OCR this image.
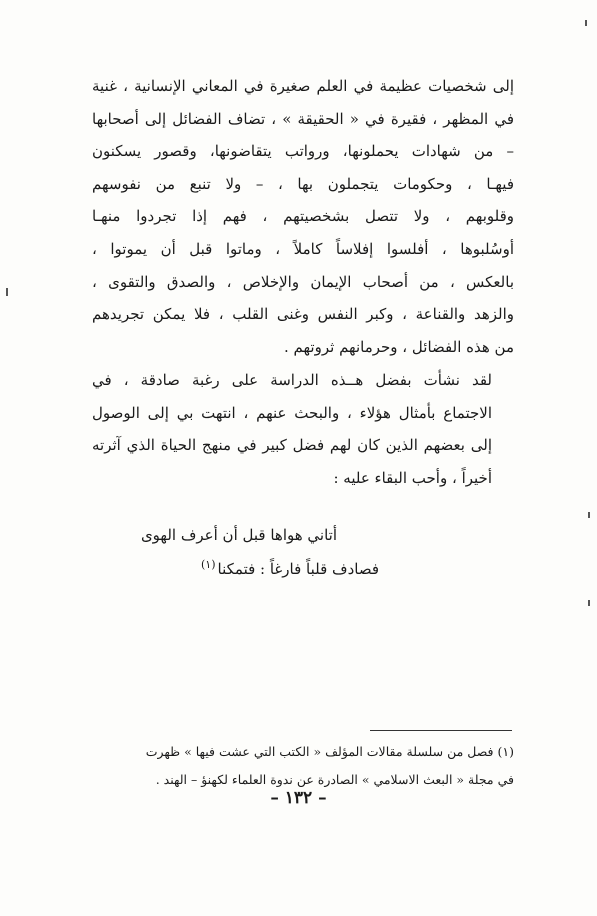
إلى شخصيات عظيمة في العلم صغيرة في المعاني الإنسانية ، غنية
في المظهر ، فقيرة في « الحقيقة » ، تضاف الفضائل إلى أصحابها
– من شهادات يحملونها، ورواتب يتقاضونها، وقصور يسكنون
فيهـا ، وحكومات يتجملون بها ، – ولا تنبع من نفوسهم
وقلوبهم ، ولا تتصل بشخصيتهم ، فهم إذا تجردوا منهـا
أوسُلبوها ، أفلسوا إفلاساً كاملاً ، وماتوا قبل أن يموتوا ،
بالعكس ، من أصحاب الإيمان والإخلاص ، والصدق والتقوى ،
والزهد والقناعة ، وكبر النفس وغنى القلب ، فلا يمكن تجريدهم
من هذه الفضائل ، وحرمانهم ثروتهم .
لقد نشأت بفضل هــذه الدراسة على رغبة صادقة ، في
الاجتماع بأمثال هؤلاء ، والبحث عنهم ، انتهت بي إلى الوصول
إلى بعضهم الذين كان لهم فضل كبير في منهج الحياة الذي آثرته
أخيراً ، وأحب البقاء عليه :

أتاني هواها قبل أن أعرف الهوى

فصادف قلباً فارغاً : فتمكنا$^{(١)}$

(١) فصل من سلسلة مقالات المؤلف « الكتب التي عشت فيها » ظهرت
في مجلة « البعث الاسلامي » الصادرة عن ندوة العلماء لكهنؤ – الهند .
– ١٣٢ –
